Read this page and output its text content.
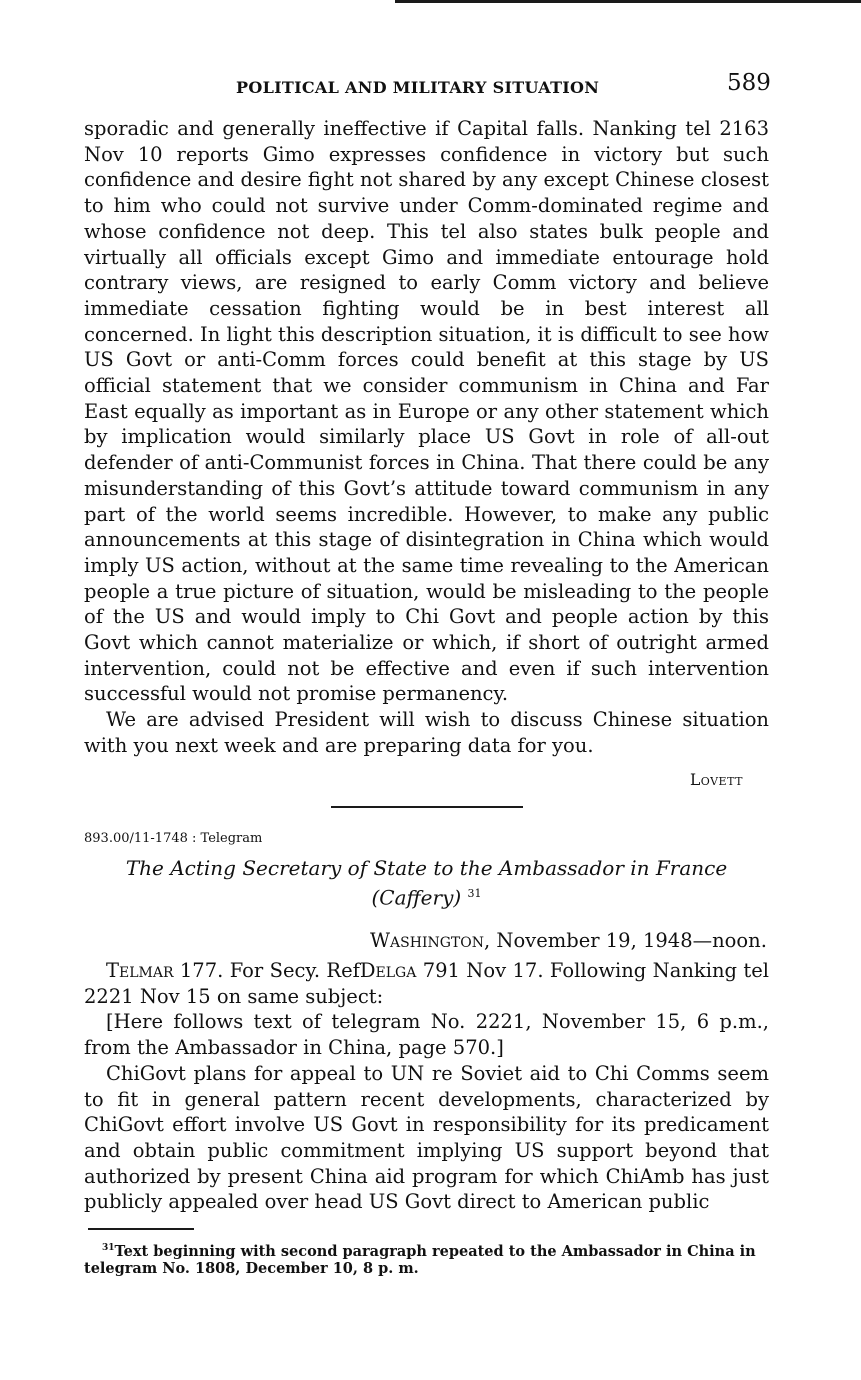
POLITICAL AND MILITARY SITUATION	589

sporadic and generally ineffective if Capital falls. Nanking tel 2163 Nov 10 reports Gimo expresses confidence in victory but such confidence and desire fight not shared by any except Chinese closest to him who could not survive under Comm-dominated regime and whose confidence not deep. This tel also states bulk people and virtually all officials except Gimo and immediate entourage hold contrary views, are resigned to early Comm victory and believe immediate cessation fighting would be in best interest all concerned. In light this description situation, it is difficult to see how US Govt or anti-Comm forces could benefit at this stage by US official statement that we consider communism in China and Far East equally as important as in Europe or any other statement which by implication would similarly place US Govt in role of all-out defender of anti-Communist forces in China. That there could be any misunderstanding of this Govt’s attitude toward communism in any part of the world seems incredible. However, to make any public announcements at this stage of disintegration in China which would imply US action, without at the same time revealing to the American people a true picture of situation, would be misleading to the people of the US and would imply to Chi Govt and people action by this Govt which cannot materialize or which, if short of outright armed intervention, could not be effective and even if such intervention successful would not promise permanency.

We are advised President will wish to discuss Chinese situation with you next week and are preparing data for you.

Lovett
893.00/11-1748 : Telegram
The Acting Secretary of State to the Ambassador in France
(Caffery) $^{31}$
Washington, November 19, 1948—noon.

Telmar 177. For Secy. RefDelga 791 Nov 17. Following Nanking tel 2221 Nov 15 on same subject:

[Here follows text of telegram No. 2221, November 15, 6 p.m., from the Ambassador in China, page 570.]

ChiGovt plans for appeal to UN re Soviet aid to Chi Comms seem to fit in general pattern recent developments, characterized by ChiGovt effort involve US Govt in responsibility for its predicament and obtain public commitment implying US support beyond that authorized by present China aid program for which ChiAmb has just publicly appealed over head US Govt direct to American public

$^{31}$Text beginning with second paragraph repeated to the Ambassador in China in telegram No. 1808, December 10, 8 p. m.
